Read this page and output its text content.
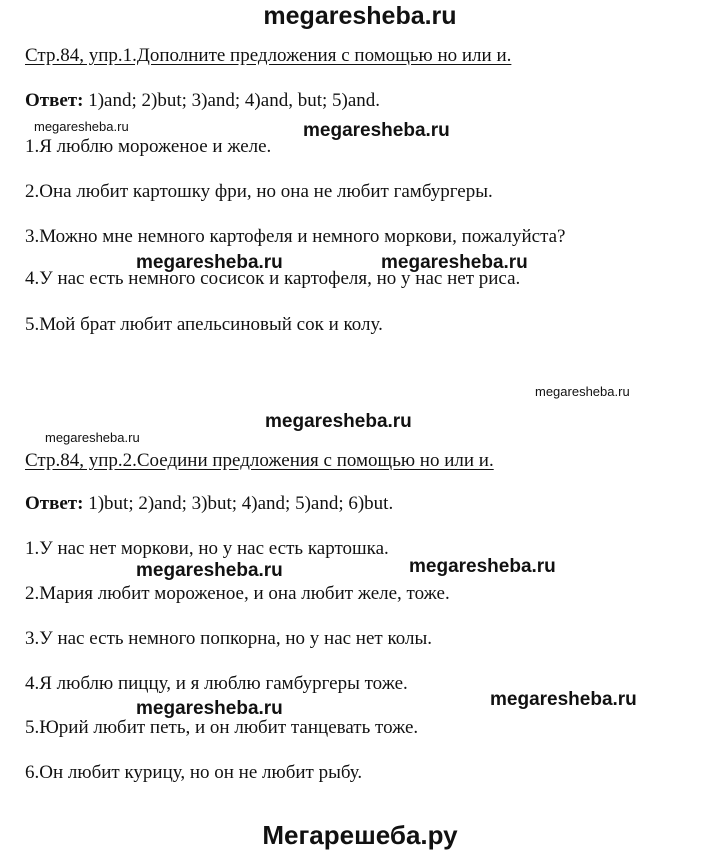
megaresheba.ru
Стр.84, упр.1.Дополните предложения с помощью но или и.
Ответ: 1)and; 2)but; 3)and; 4)and, but; 5)and.
megaresheba.ru	megaresheba.ru
1.Я люблю мороженое и желе.
2.Она любит картошку фри, но она не любит гамбургеры.
3.Можно мне немного картофеля и немного моркови, пожалуйста?
megaresheba.ru	megaresheba.ru
4.У нас есть немного сосисок и картофеля, но у нас нет риса.
5.Мой брат любит апельсиновый сок и колу.
megaresheba.ru
megaresheba.ru
megaresheba.ru
Стр.84, упр.2.Соедини предложения с помощью но или и.
Ответ: 1)but; 2)and; 3)but; 4)and; 5)and; 6)but.
1.У нас нет моркови, но у нас есть картошка.
megaresheba.ru	megaresheba.ru
2.Мария любит мороженое, и она любит желе, тоже.
3.У нас есть немного попкорна, но у нас нет колы.
4.Я люблю пиццу, и я люблю гамбургеры тоже.
megaresheba.ru	megaresheba.ru
5.Юрий любит петь, и он любит танцевать тоже.
6.Он любит курицу, но он не любит рыбу.
Мегарешеба.ру
